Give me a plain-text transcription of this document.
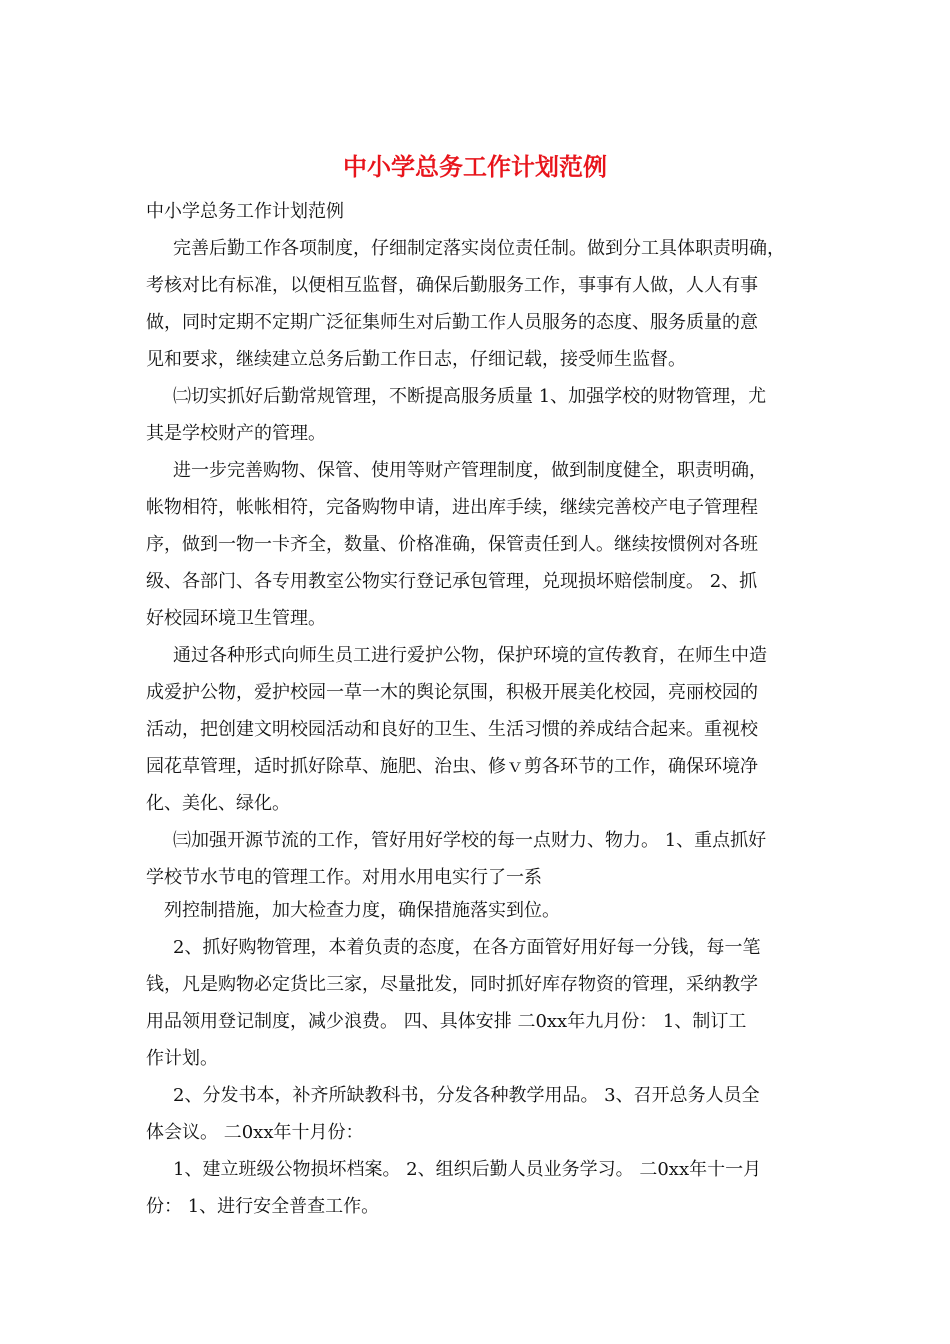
中小学总务工作计划范例

中小学总务工作计划范例

完善后勤工作各项制度，仔细制定落实岗位责任制。做到分工具体职责明确，

考核对比有标准，以便相互监督，确保后勤服务工作，事事有人做，人人有事

做，同时定期不定期广泛征集师生对后勤工作人员服务的态度、服务质量的意

见和要求，继续建立总务后勤工作日志，仔细记载，接受师生监督。

㈡切实抓好后勤常规管理，不断提高服务质量 1、加强学校的财物管理，尤

其是学校财产的管理。

进一步完善购物、保管、使用等财产管理制度，做到制度健全，职责明确，

帐物相符，帐帐相符，完备购物申请，进出库手续，继续完善校产电子管理程

序，做到一物一卡齐全，数量、价格准确，保管责任到人。继续按惯例对各班

级、各部门、各专用教室公物实行登记承包管理，兑现损坏赔偿制度。 2、抓

好校园环境卫生管理。

通过各种形式向师生员工进行爱护公物，保护环境的宣传教育，在师生中造

成爱护公物，爱护校园一草一木的舆论氛围，积极开展美化校园，亮丽校园的

活动，把创建文明校园活动和良好的卫生、生活习惯的养成结合起来。重视校

园花草管理，适时抓好除草、施肥、治虫、修ｖ剪各环节的工作，确保环境净

化、美化、绿化。

㈢加强开源节流的工作，管好用好学校的每一点财力、物力。 1、重点抓好

学校节水节电的管理工作。对用水用电实行了一系

列控制措施，加大检查力度，确保措施落实到位。

2、抓好购物管理，本着负责的态度，在各方面管好用好每一分钱，每一笔

钱，凡是购物必定货比三家，尽量批发，同时抓好库存物资的管理，采纳教学

用品领用登记制度，减少浪费。 四、具体安排 二0xx年九月份： 1、制订工

作计划。

2、分发书本，补齐所缺教科书，分发各种教学用品。 3、召开总务人员全

体会议。 二0xx年十月份：

1、建立班级公物损坏档案。 2、组织后勤人员业务学习。 二0xx年十一月

份： 1、进行安全普查工作。
